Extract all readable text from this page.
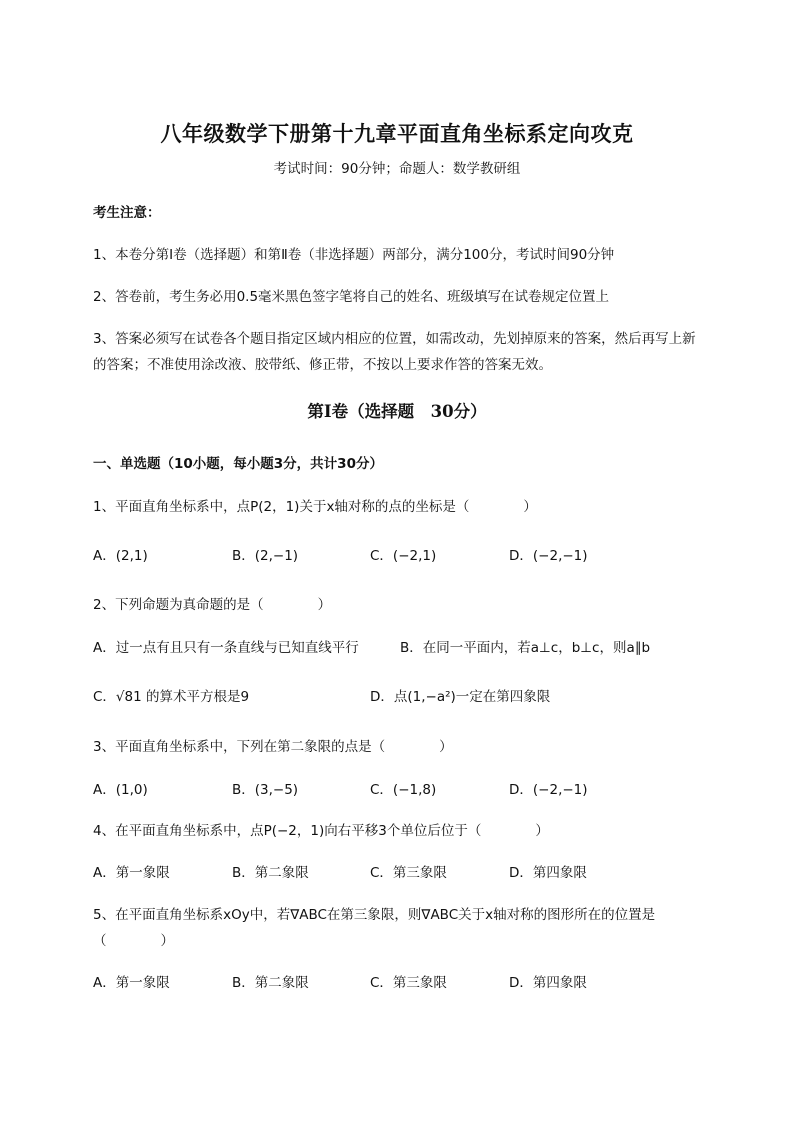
八年级数学下册第十九章平面直角坐标系定向攻克
考试时间：90分钟；命题人：数学教研组
考生注意：
1、本卷分第Ⅰ卷（选择题）和第Ⅱ卷（非选择题）两部分，满分100分，考试时间90分钟
2、答卷前，考生务必用0.5毫米黑色签字笔将自己的姓名、班级填写在试卷规定位置上
3、答案必须写在试卷各个题目指定区域内相应的位置，如需改动，先划掉原来的答案，然后再写上新
的答案；不准使用涂改液、胶带纸、修正带，不按以上要求作答的答案无效。
第Ⅰ卷（选择题　30分）
一、单选题（10小题，每小题3分，共计30分）
1、平面直角坐标系中，点P(2，1)关于x轴对称的点的坐标是（　　　　）
A．(2,1)	B．(2,−1)	C．(−2,1)	D．(−2,−1)
2、下列命题为真命题的是（　　　　）
A．过一点有且只有一条直线与已知直线平行	B．在同一平面内，若a⊥c，b⊥c，则a∥b
C．√81 的算术平方根是9	D．点(1,−a²)一定在第四象限
3、平面直角坐标系中，下列在第二象限的点是（　　　　）
A．(1,0)	B．(3,−5)	C．(−1,8)	D．(−2,−1)
4、在平面直角坐标系中，点P(−2，1)向右平移3个单位后位于（　　　　）
A．第一象限	B．第二象限	C．第三象限	D．第四象限
5、在平面直角坐标系xOy中，若∇ABC在第三象限，则∇ABC关于x轴对称的图形所在的位置是
（　　　　）
A．第一象限	B．第二象限	C．第三象限	D．第四象限
